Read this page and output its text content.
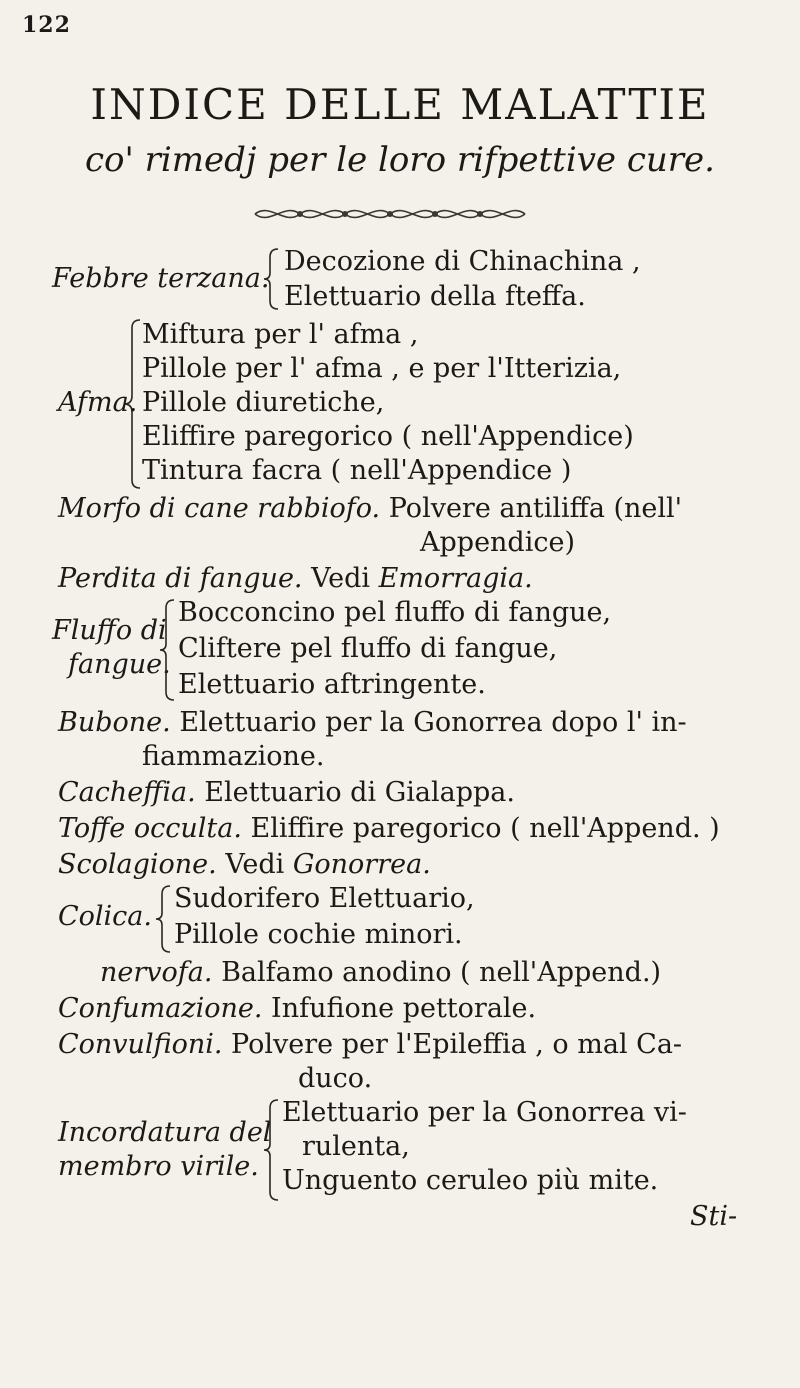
122
INDICE DELLE MALATTIE
co' rimedj per le loro rifpettive cure.
Febbre terzana.
Decozione di Chinachina ,
Elettuario della fteffa.
Miftura per l' afma ,
Pillole per l' afma , e per l'Itterizia,
Afma. Pillole diuretiche,
Eliffire paregorico ( nell'Appendice)
Tintura facra ( nell'Appendice )
Morfo di cane rabbiofo. Polvere antiliffa (nell'
Appendice)
Perdita di fangue. Vedi Emorragia.
Fluffo di
fangue.
Bocconcino pel fluffo di fangue,
Cliftere pel fluffo di fangue,
Elettuario aftringente.
Bubone. Elettuario per la Gonorrea dopo l' in-
fiammazione.
Cacheffia. Elettuario di Gialappa.
Toffe occulta. Eliffire paregorico ( nell'Append. )
Scolagione. Vedi Gonorrea.
Colica.
Sudorifero Elettuario,
Pillole cochie minori.
nervofa. Balfamo anodino ( nell'Append.)
Confumazione. Infufione pettorale.
Convulfioni. Polvere per l'Epileffia , o mal Ca-
duco.
Incordatura del
membro virile.
Elettuario per la Gonorrea vi-
rulenta,
Unguento ceruleo più mite.
Sti-
